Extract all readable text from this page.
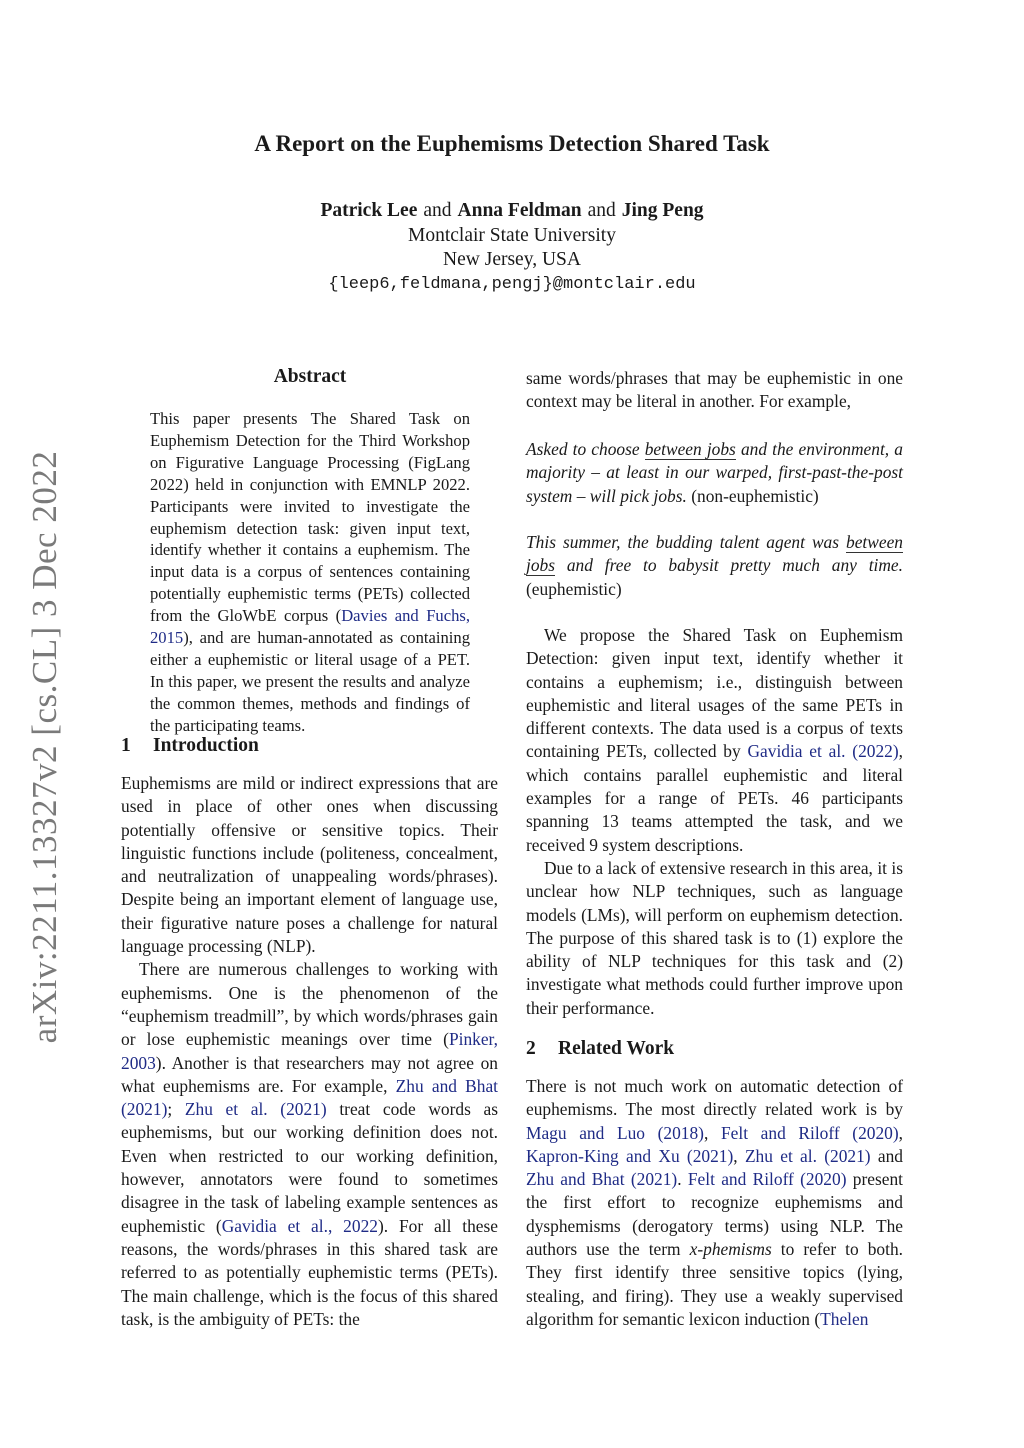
A Report on the Euphemisms Detection Shared Task
Patrick Lee and Anna Feldman and Jing Peng
Montclair State University
New Jersey, USA
{leep6,feldmana,pengj}@montclair.edu
arXiv:2211.13327v2 [cs.CL] 3 Dec 2022
Abstract

This paper presents The Shared Task on Euphemism Detection for the Third Workshop on Figurative Language Processing (FigLang 2022) held in conjunction with EMNLP 2022. Participants were invited to investigate the euphemism detection task: given input text, identify whether it contains a euphemism. The input data is a corpus of sentences containing potentially euphemistic terms (PETs) collected from the GloWbE corpus (Davies and Fuchs, 2015), and are human-annotated as containing either a euphemistic or literal usage of a PET. In this paper, we present the results and analyze the common themes, methods and findings of the participating teams.

1 Introduction

Euphemisms are mild or indirect expressions that are used in place of other ones when discussing potentially offensive or sensitive topics. Their linguistic functions include (politeness, concealment, and neutralization of unappealing words/phrases). Despite being an important element of language use, their figurative nature poses a challenge for natural language processing (NLP).

There are numerous challenges to working with euphemisms. One is the phenomenon of the “euphemism treadmill”, by which words/phrases gain or lose euphemistic meanings over time (Pinker, 2003). Another is that researchers may not agree on what euphemisms are. For example, Zhu and Bhat (2021); Zhu et al. (2021) treat code words as euphemisms, but our working definition does not. Even when restricted to our working definition, however, annotators were found to sometimes disagree in the task of labeling example sentences as euphemistic (Gavidia et al., 2022). For all these reasons, the words/phrases in this shared task are referred to as potentially euphemistic terms (PETs). The main challenge, which is the focus of this shared task, is the ambiguity of PETs: the

same words/phrases that may be euphemistic in one context may be literal in another. For example,

Asked to choose between jobs and the environment, a majority – at least in our warped, first-past-the-post system – will pick jobs. (non-euphemistic)

This summer, the budding talent agent was between jobs and free to babysit pretty much any time. (euphemistic)

We propose the Shared Task on Euphemism Detection: given input text, identify whether it contains a euphemism; i.e., distinguish between euphemistic and literal usages of the same PETs in different contexts. The data used is a corpus of texts containing PETs, collected by Gavidia et al. (2022), which contains parallel euphemistic and literal examples for a range of PETs. 46 participants spanning 13 teams attempted the task, and we received 9 system descriptions.

Due to a lack of extensive research in this area, it is unclear how NLP techniques, such as language models (LMs), will perform on euphemism detection. The purpose of this shared task is to (1) explore the ability of NLP techniques for this task and (2) investigate what methods could further improve upon their performance.

2 Related Work

There is not much work on automatic detection of euphemisms. The most directly related work is by Magu and Luo (2018), Felt and Riloff (2020), Kapron-King and Xu (2021), Zhu et al. (2021) and Zhu and Bhat (2021). Felt and Riloff (2020) present the first effort to recognize euphemisms and dysphemisms (derogatory terms) using NLP. The authors use the term x-phemisms to refer to both. They first identify three sensitive topics (lying, stealing, and firing). They use a weakly supervised algorithm for semantic lexicon induction (Thelen
